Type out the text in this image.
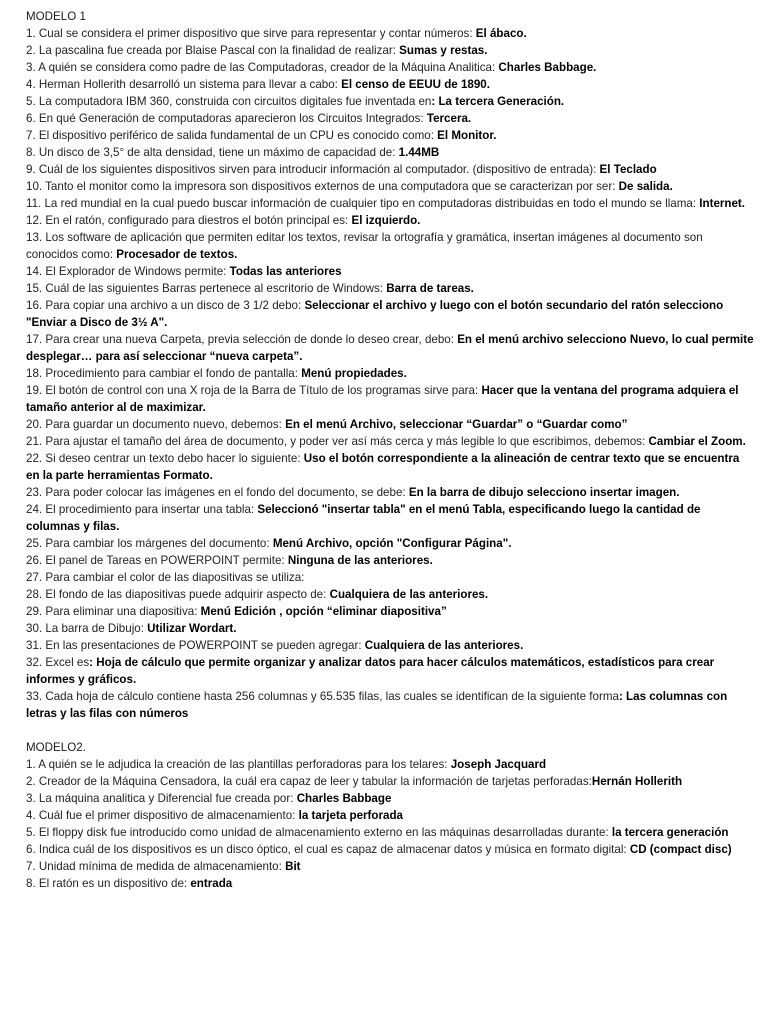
MODELO 1

1. Cual se considera el primer dispositivo que sirve para representar y contar números: El ábaco.

2. La pascalina fue creada por Blaise Pascal con la finalidad de realizar: Sumas y restas.

3. A quién se considera como padre de las Computadoras, creador de la Máquina Analitica: Charles Babbage.

4. Herman Hollerith desarrolló un sistema para llevar a cabo: El censo de EEUU de 1890.

5. La computadora IBM 360, construida con circuitos digitales fue inventada en: La tercera Generación.

6. En qué Generación de computadoras aparecieron los Circuitos Integrados: Tercera.

7. El dispositivo periférico de salida fundamental de un CPU es conocido como: El Monitor.

8. Un disco de 3,5° de alta densidad, tiene un máximo de capacidad de: 1.44MB

9. Cuál de los siguientes dispositivos sirven para introducir información al computador. (dispositivo de entrada): El Teclado

10. Tanto el monitor como la impresora son dispositivos externos de una computadora que se caracterizan por ser: De salida.

11. La red mundial en la cual puedo buscar información de cualquier tipo en computadoras distribuidas en todo el mundo se llama: Internet.

12. En el ratón, configurado para diestros el botón principal es: El izquierdo.

13. Los software de aplicación que permiten editar los textos, revisar la ortografía y gramática, insertan imágenes al documento son conocidos como: Procesador de textos.

14. El Explorador de Windows permite: Todas las anteriores

15. Cuál de las siguientes Barras pertenece al escritorio de Windows: Barra de tareas.

16. Para copiar una archivo a un disco de 3 1/2 debo: Seleccionar el archivo y luego con el botón secundario del ratón selecciono "Enviar a Disco de 3½ A".

17. Para crear una nueva Carpeta, previa selección de donde lo deseo crear, debo: En el menú archivo selecciono Nuevo, lo cual permite desplegar… para así seleccionar “nueva carpeta”.

18. Procedimiento para cambiar el fondo de pantalla: Menú propiedades.

19. El botón de control con una X roja de la Barra de Título de los programas sirve para: Hacer que la ventana del programa adquiera el tamaño anterior al de maximizar.

20. Para guardar un documento nuevo, debemos: En el menú Archivo, seleccionar “Guardar” o “Guardar como”

21. Para ajustar el tamaño del área de documento, y poder ver así más cerca y más legible lo que escribimos, debemos: Cambiar el Zoom.

22. Si deseo centrar un texto debo hacer lo siguiente: Uso el botón correspondiente a la alineación de centrar texto que se encuentra en la parte herramientas Formato.

23. Para poder colocar las imágenes en el fondo del documento, se debe: En la barra de dibujo selecciono insertar imagen.

24. El procedimiento para insertar una tabla: Seleccionó "insertar tabla" en el menú Tabla, especificando luego la cantidad de columnas y filas.

25. Para cambiar los márgenes del documento: Menú Archivo, opción "Configurar Página".

26. El panel de Tareas en POWERPOINT permite: Ninguna de las anteriores.

27. Para cambiar el color de las diapositivas se utiliza:

28. El fondo de las diapositivas puede adquirir aspecto de: Cualquiera de las anteriores.

29. Para eliminar una diapositiva: Menú Edición , opción “eliminar diapositiva”

30. La barra de Dibujo: Utilizar Wordart.

31. En las presentaciones de POWERPOINT se pueden agregar: Cualquiera de las anteriores.

32. Excel es: Hoja de cálculo que permite organizar y analizar datos para hacer cálculos matemáticos, estadísticos para crear informes y gráficos.

33. Cada hoja de cálculo contiene hasta 256 columnas y 65.535 filas, las cuales se identifican de la siguiente forma: Las columnas con letras y las filas con números

MODELO2.

1. A quién se le adjudica la creación de las plantillas perforadoras para los telares: Joseph Jacquard

2. Creador de la Máquina Censadora, la cuál era capaz de leer y tabular la información de tarjetas perforadas:Hernán Hollerith

3. La máquina analitica y Diferencial fue creada por: Charles Babbage

4. Cuál fue el primer dispositivo de almacenamiento: la tarjeta perforada

5. El floppy disk fue introducido como unidad de almacenamiento externo en las máquinas desarrolladas durante: la tercera generación

6. Indica cuál de los dispositivos es un disco óptico, el cual es capaz de almacenar datos y música en formato digital: CD (compact disc)

7. Unidad mínima de medida de almacenamiento: Bit

8. El ratón es un dispositivo de: entrada
